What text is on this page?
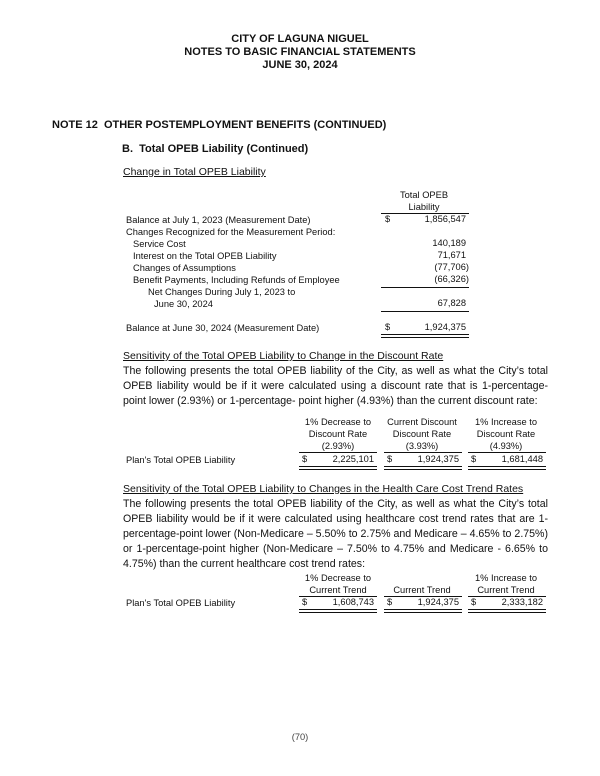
CITY OF LAGUNA NIGUEL
NOTES TO BASIC FINANCIAL STATEMENTS
JUNE 30, 2024
NOTE 12  OTHER POSTEMPLOYMENT BENEFITS (CONTINUED)
B.  Total OPEB Liability (Continued)
Change in Total OPEB Liability
Total OPEB
Liability
Balance at July 1, 2023 (Measurement Date)	$	1,856,547
Changes Recognized for the Measurement Period:
Service Cost	140,189
Interest on the Total OPEB Liability	71,671
Changes of Assumptions	(77,706)
Benefit Payments, Including Refunds of Employee	(66,326)
Net Changes During July 1, 2023 to
June 30, 2024	67,828
Balance at June 30, 2024 (Measurement Date)	$	1,924,375
Sensitivity of the Total OPEB Liability to Change in the Discount Rate
The following presents the total OPEB liability of the City, as well as what the City’s total OPEB liability would be if it were calculated using a discount rate that is 1-percentage-point lower (2.93%) or 1-percentage- point higher (4.93%) than the current discount rate:
1% Decrease to
Discount Rate
(2.93%)
Current Discount
Discount Rate
(3.93%)
1% Increase to
Discount Rate
(4.93%)
Plan's Total OPEB Liability	$	2,225,101 $	1,924,375 $	1,681,448
Sensitivity of the Total OPEB Liability to Changes in the Health Care Cost Trend Rates
The following presents the total OPEB liability of the City, as well as what the City’s total OPEB liability would be if it were calculated using healthcare cost trend rates that are 1-percentage-point lower (Non-Medicare – 5.50% to 2.75% and Medicare – 4.65% to 2.75%) or 1-percentage-point higher (Non-Medicare – 7.50% to 4.75% and Medicare - 6.65% to 4.75%) than the current healthcare cost trend rates:
1% Decrease to
Current Trend	Current Trend
1% Increase to
Current Trend
Plan's Total OPEB Liability	$	1,608,743 $	1,924,375 $	2,333,182
(70)
